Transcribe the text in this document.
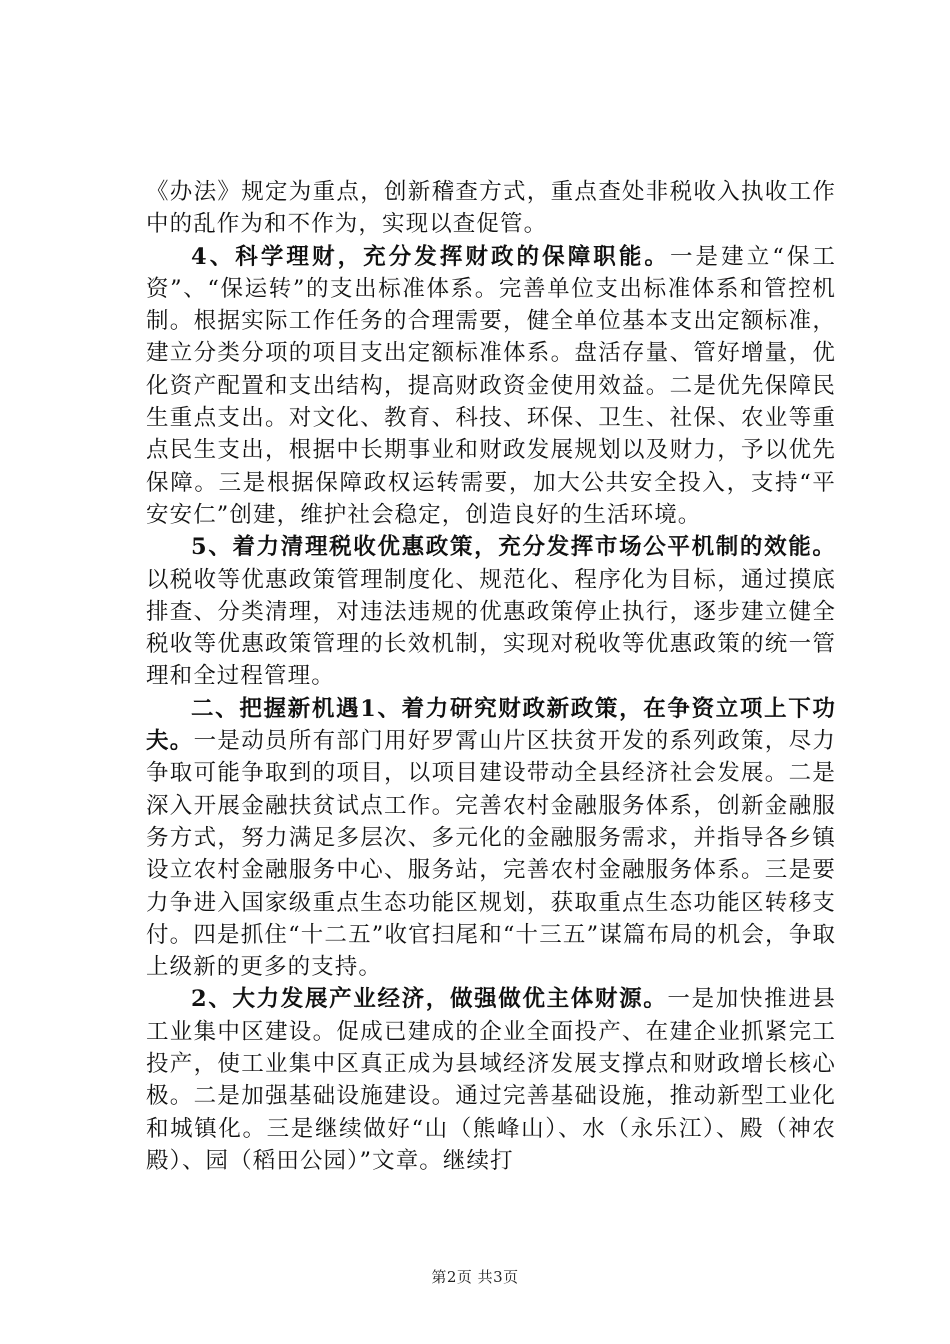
《办法》规定为重点，创新稽查方式，重点查处非税收入执收工作中的乱作为和不作为，实现以查促管。

4、科学理财，充分发挥财政的保障职能。一是建立“保工资”、“保运转”的支出标准体系。完善单位支出标准体系和管控机制。根据实际工作任务的合理需要，健全单位基本支出定额标准，建立分类分项的项目支出定额标准体系。盘活存量、管好增量，优化资产配置和支出结构，提高财政资金使用效益。二是优先保障民生重点支出。对文化、教育、科技、环保、卫生、社保、农业等重点民生支出，根据中长期事业和财政发展规划以及财力，予以优先保障。三是根据保障政权运转需要，加大公共安全投入，支持“平安安仁”创建，维护社会稳定，创造良好的生活环境。

5、着力清理税收优惠政策，充分发挥市场公平机制的效能。以税收等优惠政策管理制度化、规范化、程序化为目标，通过摸底排查、分类清理，对违法违规的优惠政策停止执行，逐步建立健全税收等优惠政策管理的长效机制，实现对税收等优惠政策的统一管理和全过程管理。

二、把握新机遇1、着力研究财政新政策，在争资立项上下功夫。一是动员所有部门用好罗霄山片区扶贫开发的系列政策，尽力争取可能争取到的项目，以项目建设带动全县经济社会发展。二是深入开展金融扶贫试点工作。完善农村金融服务体系，创新金融服务方式，努力满足多层次、多元化的金融服务需求，并指导各乡镇设立农村金融服务中心、服务站，完善农村金融服务体系。三是要力争进入国家级重点生态功能区规划，获取重点生态功能区转移支付。四是抓住“十二五”收官扫尾和“十三五”谋篇布局的机会，争取上级新的更多的支持。

2、大力发展产业经济，做强做优主体财源。一是加快推进县工业集中区建设。促成已建成的企业全面投产、在建企业抓紧完工投产，使工业集中区真正成为县域经济发展支撑点和财政增长核心极。二是加强基础设施建设。通过完善基础设施，推动新型工业化和城镇化。三是继续做好“山（熊峰山）、水（永乐江）、殿（神农殿）、园（稻田公园）”文章。继续打

第2页 共3页
